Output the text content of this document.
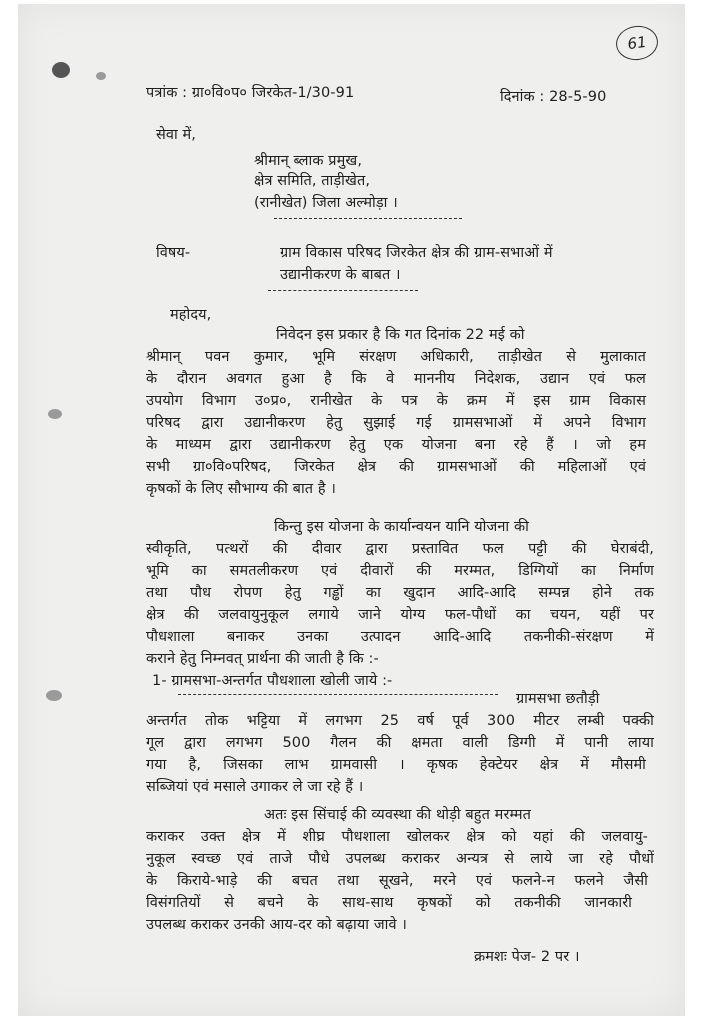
61
पत्रांक : ग्रा०वि०प० जिरकेत-1/30-91	दिनांक : 28-5-90
सेवा में,
श्रीमान् ब्लाक प्रमुख,
क्षेत्र समिति, ताड़ीखेत,
(रानीखेत) जिला अल्मोड़ा ।
विषय-	ग्राम विकास परिषद जिरकेत क्षेत्र की ग्राम-सभाओं में
उद्यानीकरण के बाबत ।
महोदय,
निवेदन इस प्रकार है कि गत दिनांक 22 मई को
श्रीमान् पवन कुमार, भूमि संरक्षण अधिकारी, ताड़ीखेत से मुलाकात
के दौरान अवगत हुआ है कि वे माननीय निदेशक, उद्यान एवं फल
उपयोग विभाग उ०प्र०, रानीखेत के पत्र के क्रम में इस ग्राम विकास
परिषद द्वारा उद्यानीकरण हेतु सुझाई गई ग्रामसभाओं में अपने विभाग
के माध्यम द्वारा उद्यानीकरण हेतु एक योजना बना रहे हैं । जो हम
सभी ग्रा०वि०परिषद, जिरकेत क्षेत्र की ग्रामसभाओं की महिलाओं एवं
कृषकों के लिए सौभाग्य की बात है ।
किन्तु इस योजना के कार्यान्वयन यानि योजना की
स्वीकृति, पत्थरों की दीवार द्वारा प्रस्तावित फल पट्टी की घेराबंदी,
भूमि का समतलीकरण एवं दीवारों की मरम्मत, डिग्गियों का निर्माण
तथा पौध रोपण हेतु गड्ढों का खुदान आदि-आदि सम्पन्न होने तक
क्षेत्र की जलवायुनुकूल लगाये जाने योग्य फल-पौधों का चयन, यहीं पर
पौधशाला बनाकर उनका उत्पादन आदि-आदि तकनीकी-संरक्षण में
कराने हेतु निम्नवत् प्रार्थना की जाती है कि :-
1- ग्रामसभा-अन्तर्गत पौधशाला खोली जाये :-
ग्रामसभा छतौड़ी
अन्तर्गत तोक भट्टिया में लगभग 25 वर्ष पूर्व 300 मीटर लम्बी पक्की
गूल द्वारा लगभग 500 गैलन की क्षमता वाली डिग्गी में पानी लाया
गया है, जिसका लाभ ग्रामवासी । कृषक हेक्टेयर क्षेत्र में मौसमी
सब्जियां एवं मसाले उगाकर ले जा रहे हैं ।
अतः इस सिंचाई की व्यवस्था की थोड़ी बहुत मरम्मत
कराकर उक्त क्षेत्र में शीघ्र पौधशाला खोलकर क्षेत्र को यहां की जलवायु-
नुकूल स्वच्छ एवं ताजे पौधे उपलब्ध कराकर अन्यत्र से लाये जा रहे पौधों
के किराये-भाड़े की बचत तथा सूखने, मरने एवं फलने-न फलने जैसी
विसंगतियों से बचने के साथ-साथ कृषकों को तकनीकी जानकारी
उपलब्ध कराकर उनकी आय-दर को बढ़ाया जावे ।
क्रमशः पेज- 2 पर ।
